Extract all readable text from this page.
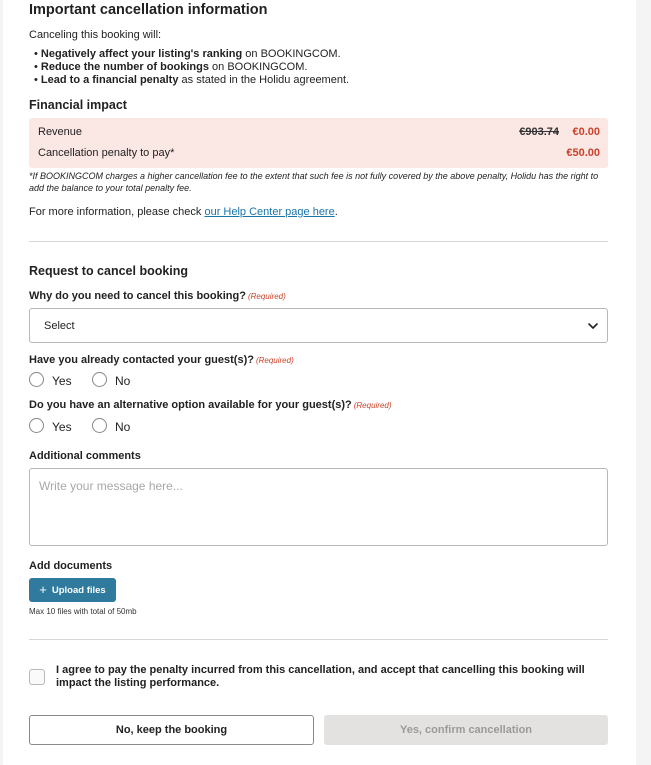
Important cancellation information
Canceling this booking will:
• Negatively affect your listing's ranking on BOOKINGCOM.
• Reduce the number of bookings on BOOKINGCOM.
• Lead to a financial penalty as stated in the Holidu agreement.
Financial impact
Revenue	€903.74 €0.00
Cancellation penalty to pay*	€50.00
*If BOOKINGCOM charges a higher cancellation fee to the extent that such fee is not fully covered by the above penalty, Holidu has the right to add the balance to your total penalty fee.
For more information, please check our Help Center page here.
Request to cancel booking
Why do you need to cancel this booking? (Required)
Select
Have you already contacted your guest(s)? (Required)
Yes	No
Do you have an alternative option available for your guest(s)? (Required)
Yes	No
Additional comments
Write your message here...
Add documents
+ Upload files
Max 10 files with total of 50mb
I agree to pay the penalty incurred from this cancellation, and accept that cancelling this booking will impact the listing performance.
No, keep the booking	Yes, confirm cancellation
